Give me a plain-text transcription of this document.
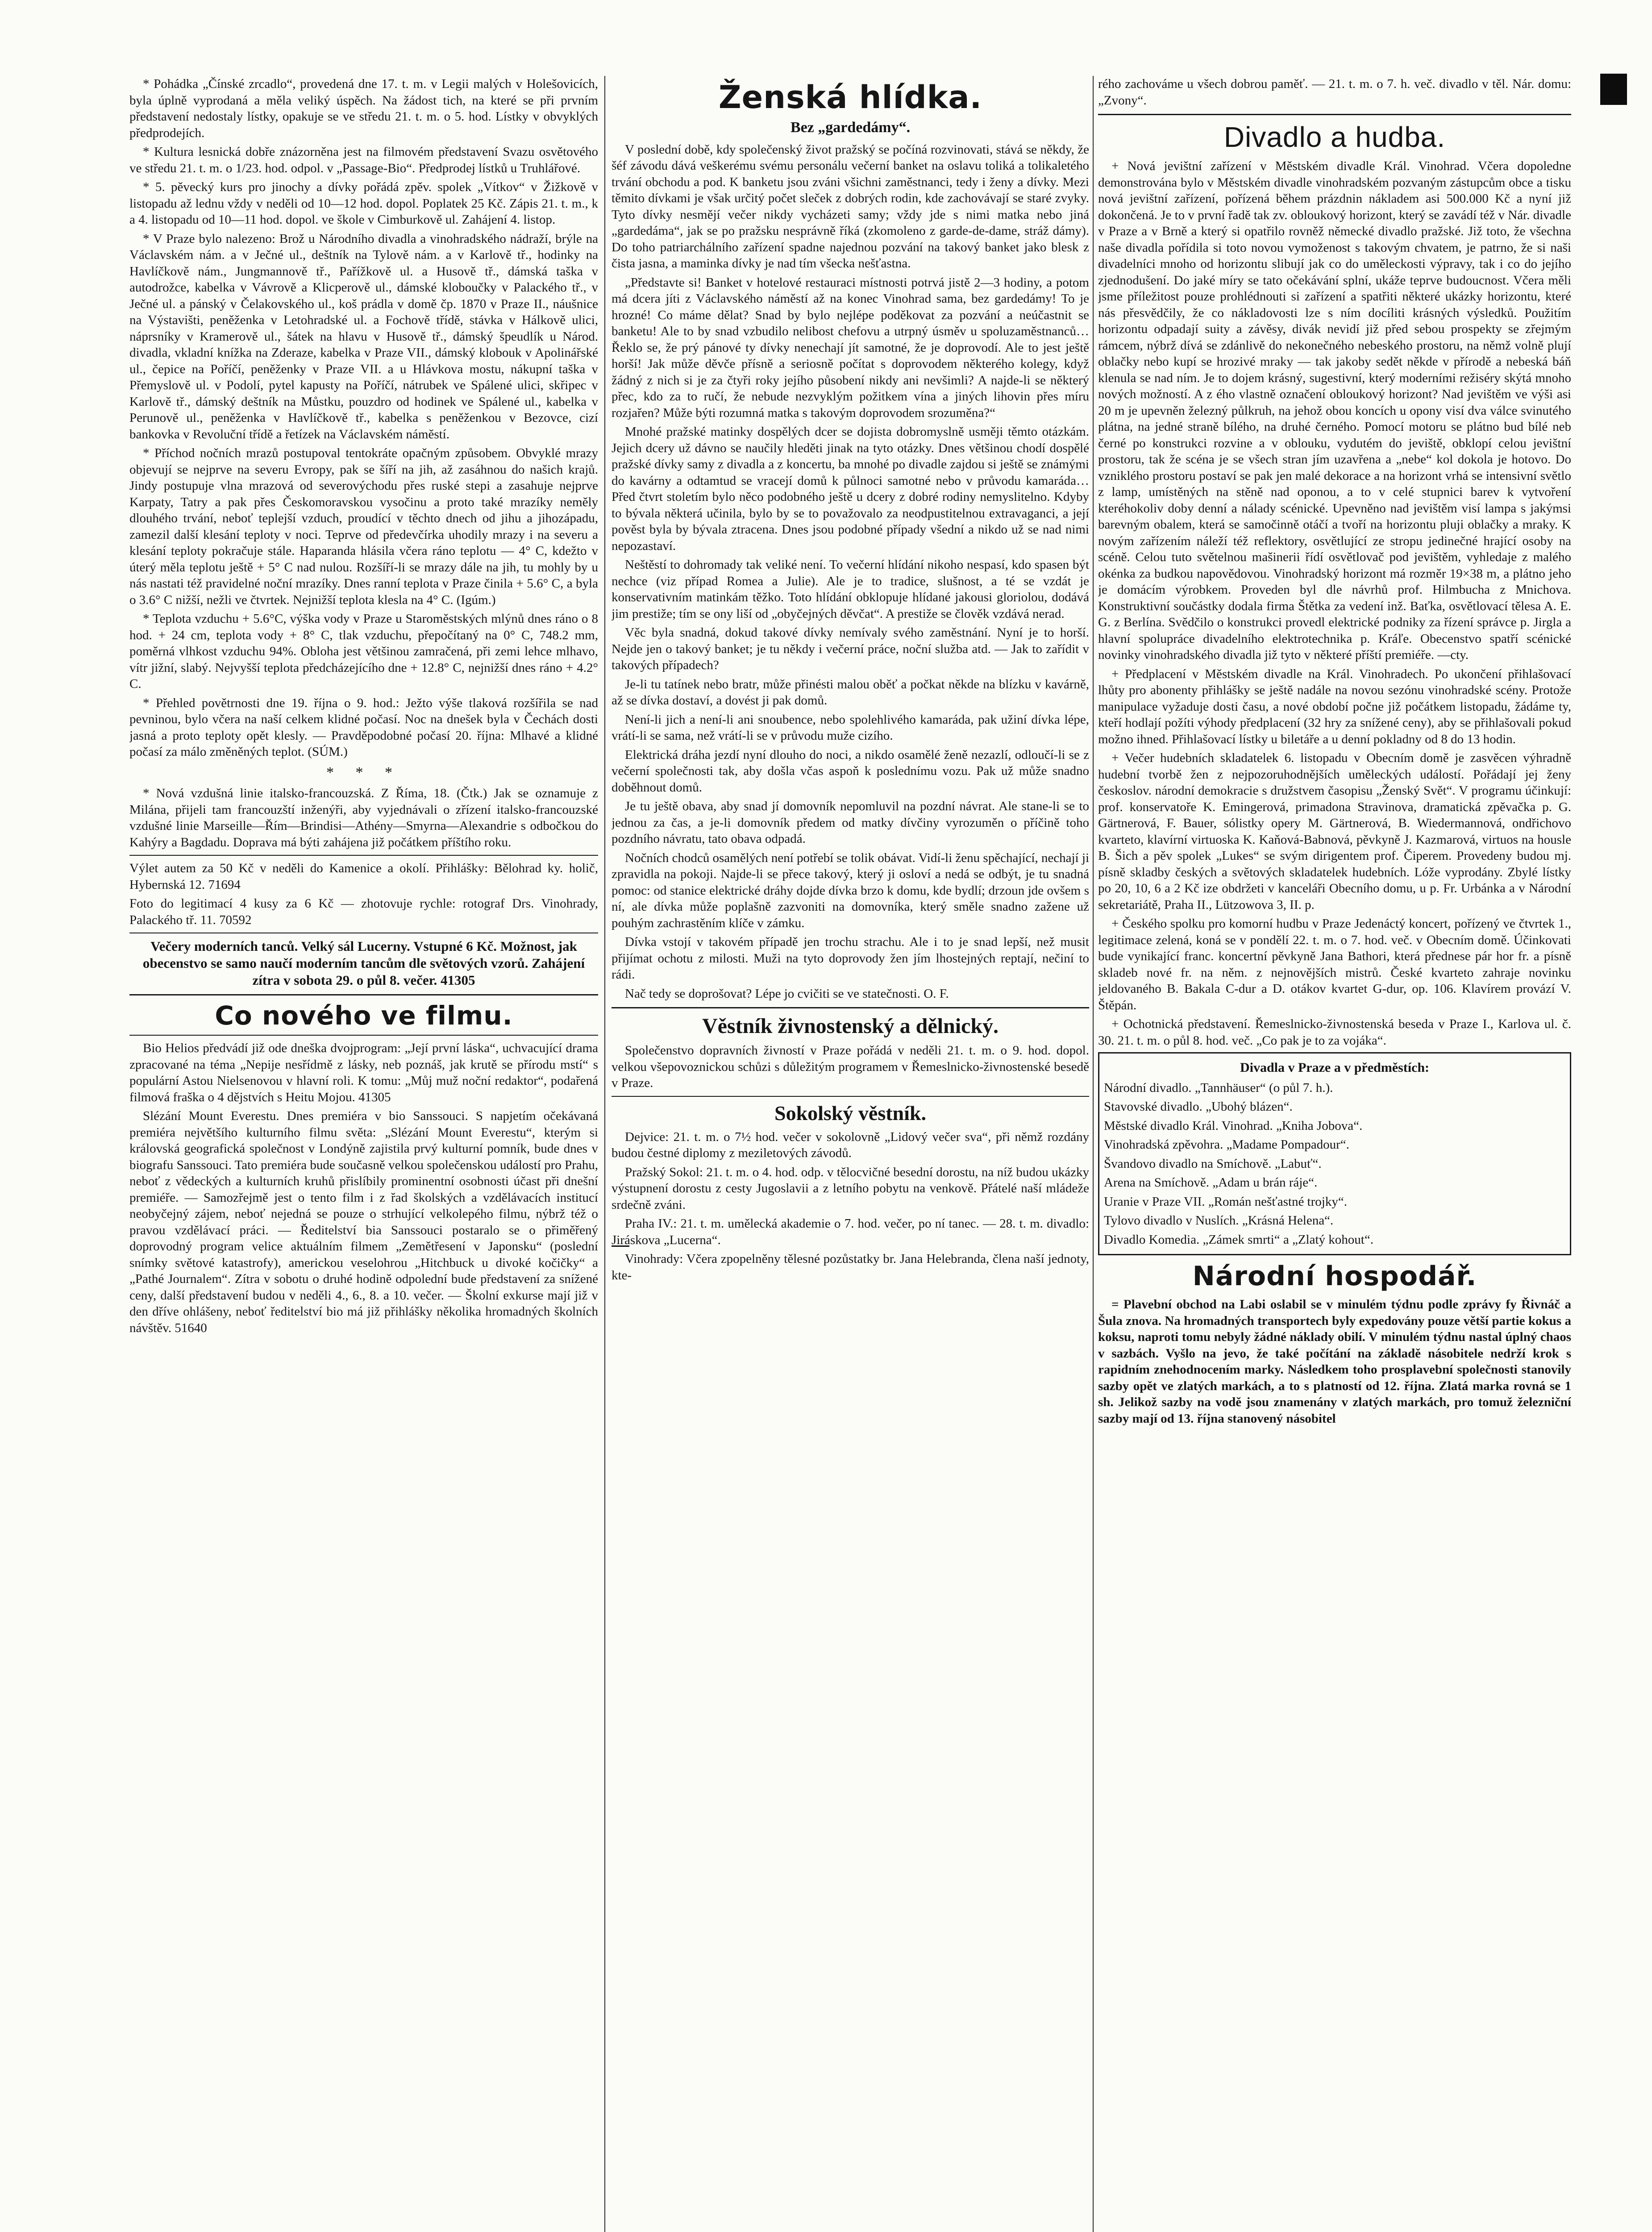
* Pohádka „Čínské zrcadlo“, provedená dne 17. t. m. v Legii malých v Holešovicích, byla úplně vyprodaná a měla veliký úspěch. Na žádost tich, na které se při prvním představení nedostaly lístky, opakuje se ve středu 21. t. m. o 5. hod. Lístky v obvyklých předprodejích.

* Kultura lesnická dobře znázorněna jest na filmovém představení Svazu osvětového ve středu 21. t. m. o 1/23. hod. odpol. v „Passage-Bio“. Předprodej lístků u Truhlářové.

* 5. pěvecký kurs pro jinochy a dívky pořádá zpěv. spolek „Vítkov“ v Žižkově v listopadu až lednu vždy v neděli od 10—12 hod. dopol. Poplatek 25 Kč. Zápis 21. t. m., k a 4. listopadu od 10—11 hod. dopol. ve škole v Cimburkově ul. Zahájení 4. listop.

* V Praze bylo nalezeno: Brož u Národního divadla a vinohradského nádraží, brýle na Václavském nám. a v Ječné ul., deštník na Tylově nám. a v Karlově tř., hodinky na Havlíčkově nám., Jungmannově tř., Pařížkově ul. a Husově tř., dámská taška v autodrožce, kabelka v Vávrově a Klicperově ul., dámské kloboučky v Palackého tř., v Ječné ul. a pánský v Čelakovského ul., koš prádla v domě čp. 1870 v Praze II., náušnice na Výstavišti, peněženka v Letohradské ul. a Fochově třídě, stávka v Hálkově ulici, náprsníky v Kramerově ul., šátek na hlavu v Husově tř., dámský špeudlík u Národ. divadla, vkladní knížka na Zderaze, kabelka v Praze VII., dámský klobouk v Apolinářské ul., čepice na Poříčí, peněženky v Praze VII. a u Hlávkova mostu, nákupní taška v Přemyslově ul. v Podolí, pytel kapusty na Poříčí, nátrubek ve Spálené ulici, skřipec v Karlově tř., dámský deštník na Můstku, pouzdro od hodinek ve Spálené ul., kabelka v Perunově ul., peněženka v Havlíčkově tř., kabelka s peněženkou v Bezovce, cizí bankovka v Revoluční třídě a řetízek na Václavském náměstí.

* Příchod nočních mrazů postupoval tentokráte opačným způsobem. Obvyklé mrazy objevují se nejprve na severu Evropy, pak se šíří na jih, až zasáhnou do našich krajů. Jindy postupuje vlna mrazová od severovýchodu přes ruské stepi a zasahuje nejprve Karpaty, Tatry a pak přes Českomoravskou vysočinu a proto také mrazíky neměly dlouhého trvání, neboť teplejší vzduch, proudící v těchto dnech od jihu a jihozápadu, zamezil další klesání teploty v noci. Teprve od předevčírka uhodily mrazy i na severu a klesání teploty pokračuje stále. Haparanda hlásila včera ráno teplotu — 4° C, kdežto v úterý měla teplotu ještě + 5° C nad nulou. Rozšíří-li se mrazy dále na jih, tu mohly by u nás nastati též pravidelné noční mrazíky. Dnes ranní teplota v Praze činila + 5.6° C, a byla o 3.6° C nižší, nežli ve čtvrtek. Nejnižší teplota klesla na 4° C. (Igúm.)

* Teplota vzduchu + 5.6°C, výška vody v Praze u Staroměstských mlýnů dnes ráno o 8 hod. + 24 cm, teplota vody + 8° C, tlak vzduchu, přepočítaný na 0° C, 748.2 mm, poměrná vlhkost vzduchu 94%. Obloha jest většinou zamračená, při zemi lehce mlhavo, vítr jižní, slabý. Nejvyšší teplota předcházejícího dne + 12.8° C, nejnižší dnes ráno + 4.2° C.

* Přehled povětrnosti dne 19. října o 9. hod.: Ježto výše tlaková rozšířila se nad pevninou, bylo včera na naší celkem klidné počasí. Noc na dnešek byla v Čechách dosti jasná a proto teploty opět klesly. — Pravděpodobné počasí 20. října: Mlhavé a klidné počasí za málo změněných teplot. (SÚM.)

* * *

* Nová vzdušná linie italsko-francouzská. Z Říma, 18. (Čtk.) Jak se oznamuje z Milána, přijeli tam francouzští inženýři, aby vyjednávali o zřízení italsko-francouzské vzdušné linie Marseille—Řím—Brindisi—Athény—Smyrna—Alexandrie s odbočkou do Kahýry a Bagdadu. Doprava má býti zahájena již počátkem příštího roku.

Výlet autem za 50 Kč v neděli do Kamenice a okolí. Přihlášky: Bělohrad ky. holič, Hybernská 12. 71694

Foto do legitimací 4 kusy za 6 Kč — zhotovuje rychle: rotograf Drs. Vinohrady, Palackého tř. 11. 70592

Večery moderních tanců. Velký sál Lucerny. Vstupné 6 Kč. Možnost, jak obecenstvo se samo naučí moderním tancům dle světových vzorů. Zahájení zítra v sobota 29. o půl 8. večer. 41305

Co nového ve filmu.

Bio Helios předvádí již ode dneška dvojprogram: „Její první láska“, uchvacující drama zpracované na téma „Nepije nesřídmě z lásky, neb poznáš, jak krutě se přírodu mstí“ s populární Astou Nielsenovou v hlavní roli. K tomu: „Můj muž noční redaktor“, podařená filmová fraška o 4 dějstvích s Heitu Mojou. 41305

Slézání Mount Everestu. Dnes premiéra v bio Sanssouci. S napjetím očekávaná premiéra největšího kulturního filmu světa: „Slézání Mount Everestu“, kterým si královská geografická společnost v Londýně zajistila prvý kulturní pomník, bude dnes v biografu Sanssouci. Tato premiéra bude současně velkou společenskou událostí pro Prahu, neboť z vědeckých a kulturních kruhů přislíbily prominentní osobnosti účast při dnešní premiéře. — Samozřejmě jest o tento film i z řad školských a vzdělávacích institucí neobyčejný zájem, neboť nejedná se pouze o strhující velkolepého filmu, nýbrž též o pravou vzdělávací práci. — Ředitelství bia Sanssouci postaralo se o přiměřený doprovodný program velice aktuálním filmem „Zemětřesení v Japonsku“ (poslední snímky světové katastrofy), americkou veselohrou „Hitchbuck u divoké kočičky“ a „Pathé Journalem“. Zítra v sobotu o druhé hodině odpolední bude představení za snížené ceny, další představení budou v neděli 4., 6., 8. a 10. večer. — Školní exkurse mají již v den dříve ohlášeny, neboť ředitelství bio má již přihlášky několika hromadných školních návštěv. 51640

Ženská hlídka.
Bez „gardedámy“.

V poslední době, kdy společenský život pražský se počíná rozvinovati, stává se někdy, že šéf závodu dává veškerému svému personálu večerní banket na oslavu toliká a tolikaletého trvání obchodu a pod. K banketu jsou zváni všichni zaměstnanci, tedy i ženy a dívky. Mezi těmito dívkami je však určitý počet sleček z dobrých rodin, kde zachovávají se staré zvyky. Tyto dívky nesmějí večer nikdy vycházeti samy; vždy jde s nimi matka nebo jiná „gardedáma“, jak se po pražsku nesprávně říká (zkomoleno z garde-de-dame, stráž dámy). Do toho patriarchálního zařízení spadne najednou pozvání na takový banket jako blesk z čista jasna, a maminka dívky je nad tím všecka nešťastna.

„Představte si! Banket v hotelové restauraci místnosti potrvá jistě 2—3 hodiny, a potom má dcera jíti z Václavského náměstí až na konec Vinohrad sama, bez gardedámy! To je hrozné! Co máme dělat? Snad by bylo nejlépe poděkovat za pozvání a neúčastnit se banketu! Ale to by snad vzbudilo nelibost chefovu a utrpný úsměv u spoluzaměstnanců… Řeklo se, že prý pánové ty dívky nenechají jít samotné, že je doprovodí. Ale to jest ještě horší! Jak může děvče přísně a seriosně počítat s doprovodem některého kolegy, když žádný z nich si je za čtyři roky jejího působení nikdy ani nevšimli? A najde-li se některý přec, kdo za to ručí, že nebude nezvyklým požitkem vína a jiných lihovin přes míru rozjařen? Může býti rozumná matka s takovým doprovodem srozuměna?“

Mnohé pražské matinky dospělých dcer se dojista dobromyslně usměji těmto otázkám. Jejich dcery už dávno se naučily hleděti jinak na tyto otázky. Dnes většinou chodí dospělé pražské dívky samy z divadla a z koncertu, ba mnohé po divadle zajdou si ještě se známými do kavárny a odtamtud se vracejí domů k půlnoci samotné nebo v průvodu kamaráda… Před čtvrt stoletím bylo něco podobného ještě u dcery z dobré rodiny nemyslitelno. Kdyby to bývala některá učinila, bylo by se to považovalo za neodpustitelnou extravaganci, a její pověst byla by bývala ztracena. Dnes jsou podobné případy všední a nikdo už se nad nimi nepozastaví.

Neštěstí to dohromady tak veliké není. To večerní hlídání nikoho nespasí, kdo spasen být nechce (viz případ Romea a Julie). Ale je to tradice, slušnost, a té se vzdát je konservativním matinkám těžko. Toto hlídání obklopuje hlídané jakousi gloriolou, dodává jim prestiže; tím se ony liší od „obyčejných děvčat“. A prestiže se člověk vzdává nerad.

Věc byla snadná, dokud takové dívky nemívaly svého zaměstnání. Nyní je to horší. Nejde jen o takový banket; je tu někdy i večerní práce, noční služba atd. — Jak to zařídit v takových případech?

Je-li tu tatínek nebo bratr, může přinésti malou oběť a počkat někde na blízku v kavárně, až se dívka dostaví, a dovést ji pak domů.

Není-li jich a není-li ani snoubence, nebo spolehlivého kamaráda, pak užiní dívka lépe, vrátí-li se sama, než vrátí-li se v průvodu muže cizího.

Elektrická dráha jezdí nyní dlouho do noci, a nikdo osamělé ženě nezazlí, odloučí-li se z večerní společnosti tak, aby došla včas aspoň k poslednímu vozu. Pak už může snadno doběhnout domů.

Je tu ještě obava, aby snad jí domovník nepomluvil na pozdní návrat. Ale stane-li se to jednou za čas, a je-li domovník předem od matky dívčiny vyrozuměn o příčině toho pozdního návratu, tato obava odpadá.

Nočních chodců osamělých není potřebí se tolik obávat. Vidí-li ženu spěchající, nechají ji zpravidla na pokoji. Najde-li se přece takový, který ji osloví a nedá se odbýt, je tu snadná pomoc: od stanice elektrické dráhy dojde dívka brzo k domu, kde bydlí; drzoun jde ovšem s ní, ale dívka může poplašně zazvoniti na domovníka, který směle snadno zažene už pouhým zachrastěním klíče v zámku.

Dívka vstojí v takovém případě jen trochu strachu. Ale i to je snad lepší, než musit přijímat ochotu z milosti. Muži na tyto doprovody žen jím lhostejných reptají, nečiní to rádi.

Nač tedy se doprošovat? Lépe jo cvičiti se ve statečnosti. O. F.

Věstník živnostenský a dělnický.

Společenstvo dopravních živností v Praze pořádá v neděli 21. t. m. o 9. hod. dopol. velkou všepovoznickou schůzi s důležitým programem v Řemeslnicko-živnostenské besedě v Praze.

Sokolský věstník.

Dejvice: 21. t. m. o 7½ hod. večer v sokolovně „Lidový večer sva“, při němž rozdány budou čestné diplomy z meziletových závodů.

Pražský Sokol: 21. t. m. o 4. hod. odp. v tělocvičné besední dorostu, na níž budou ukázky výstupnení dorostu z cesty Jugoslavii a z letního pobytu na venkově. Přátelé naší mládeže srdečně zváni.

Praha IV.: 21. t. m. umělecká akademie o 7. hod. večer, po ní tanec. — 28. t. m. divadlo: Jiráskova „Lucerna“.

Vinohrady: Včera zpopelněny tělesné pozůstatky br. Jana Helebranda, člena naší jednoty, kte-

rého zachováme u všech dobrou paměť. — 21. t. m. o 7. h. več. divadlo v těl. Nár. domu: „Zvony“.

Divadlo a hudba.

+ Nová jevištní zařízení v Městském divadle Král. Vinohrad. Včera dopoledne demonstrována bylo v Městském divadle vinohradském pozvaným zástupcům obce a tisku nová jevištní zařízení, pořízená během prázdnin nákladem asi 500.000 Kč a nyní již dokončená. Je to v první řadě tak zv. obloukový horizont, který se zavádí též v Nár. divadle v Praze a v Brně a který si opatřilo rovněž německé divadlo pražské. Již toto, že všechna naše divadla pořídila si toto novou vymoženost s takovým chvatem, je patrno, že si naši divadelníci mnoho od horizontu slibují jak co do uměleckosti výpravy, tak i co do jejího zjednodušení. Do jaké míry se tato očekávání splní, ukáže teprve budoucnost. Včera měli jsme příležitost pouze prohlédnouti si zařízení a spatřiti některé ukázky horizontu, které nás přesvědčily, že co nákladovosti lze s ním docíliti krásných výsledků. Použitím horizontu odpadají suity a závěsy, divák nevidí již před sebou prospekty se zřejmým rámcem, nýbrž dívá se zdánlivě do nekonečného nebeského prostoru, na němž volně plují oblačky nebo kupí se hrozivé mraky — tak jakoby sedět někde v přírodě a nebeská báň klenula se nad ním. Je to dojem krásný, sugestivní, který moderními režiséry skýtá mnoho nových možností. A z ého vlastně označení obloukový horizont? Nad jevištěm ve výši asi 20 m je upevněn železný půlkruh, na jehož obou koncích u opony visí dva válce svinutého plátna, na jedné straně bílého, na druhé černého. Pomocí motoru se plátno bud bílé neb černé po konstrukci rozvine a v oblouku, vydutém do jeviště, obklopí celou jevištní prostoru, tak že scéna je se všech stran jím uzavřena a „nebe“ kol dokola je hotovo. Do vzniklého prostoru postaví se pak jen malé dekorace a na horizont vrhá se intensivní světlo z lamp, umístěných na stěně nad oponou, a to v celé stupnici barev k vytvoření kteréhokoliv doby denní a nálady scénické. Upevněno nad jevištěm visí lampa s jakýmsi barevným obalem, která se samočinně otáčí a tvoří na horizontu pluji oblačky a mraky. K novým zařízením náleží též reflektory, osvětlující ze stropu jedinečné hrající osoby na scéně. Celou tuto světelnou mašinerii řídí osvětlovač pod jevištěm, vyhledaje z malého okénka za budkou napovědovou. Vinohradský horizont má rozměr 19×38 m, a plátno jeho je domácím výrobkem. Proveden byl dle návrhů prof. Hilmbucha z Mnichova. Konstruktivní součástky dodala firma Štětka za vedení inž. Baťka, osvětlovací tělesa A. E. G. z Berlína. Svědčilo o konstrukci provedl elektrické podniky za řízení správce p. Jirgla a hlavní spolupráce divadelního elektrotechnika p. Kráľe. Obecenstvo spatří scénické novinky vinohradského divadla již tyto v některé příští premiéře. —cty.

+ Předplacení v Městském divadle na Král. Vinohradech. Po ukončení přihlašovací lhůty pro abonenty přihlášky se ještě nadále na novou sezónu vinohradské scény. Protože manipulace vyžaduje dosti času, a nové období počne již počátkem listopadu, žádáme ty, kteří hodlají požíti výhody předplacení (32 hry za snížené ceny), aby se přihlašovali pokud možno ihned. Přihlašovací lístky u biletáře a u denní pokladny od 8 do 13 hodin.

+ Večer hudebních skladatelek 6. listopadu v Obecním domě je zasvěcen výhradně hudební tvorbě žen z nejpozoruhodnějších uměleckých událostí. Pořádají jej ženy českoslov. národní demokracie s družstvem časopisu „Ženský Svět“. V programu účinkují: prof. konservatoře K. Emingerová, primadona Stravinova, dramatická zpěvačka p. G. Gärtnerová, F. Bauer, sólistky opery M. Gärtnerová, B. Wiedermannová, ondřichovo kvarteto, klavírní virtuoska K. Kaňová-Babnová, pěvkyně J. Kazmarová, virtuos na housle B. Šich a pěv spolek „Lukes“ se svým dirigentem prof. Čiperem. Provedeny budou mj. písně skladby českých a světových skladatelek hudebních. Lóže vyprodány. Zbylé lístky po 20, 10, 6 a 2 Kč ize obdržeti v kanceláři Obecního domu, u p. Fr. Urbánka a v Národní sekretariátě, Praha II., Lützowova 3, II. p.

+ Českého spolku pro komorní hudbu v Praze Jedenáctý koncert, pořízený ve čtvrtek 1., legitimace zelená, koná se v pondělí 22. t. m. o 7. hod. več. v Obecním domě. Účinkovati bude vynikající franc. koncertní pěvkyně Jana Bathori, která přednese pár hor fr. a písně skladeb nové fr. na něm. z nejnovějších mistrů. České kvarteto zahraje novinku jeldovaného B. Bakala C-dur a D. otákov kvartet G-dur, op. 106. Klavírem provází V. Štěpán.

+ Ochotnická představení. Řemeslnicko-živnostenská beseda v Praze I., Karlova ul. č. 30. 21. t. m. o půl 8. hod. več. „Co pak je to za vojáka“.

Divadla v Praze a v předměstích:

Národní divadlo. „Tannhäuser“ (o půl 7. h.).

Stavovské divadlo. „Ubohý blázen“.

Městské divadlo Král. Vinohrad. „Kniha Jobova“.

Vinohradská zpěvohra. „Madame Pompadour“.

Švandovo divadlo na Smíchově. „Labuť“.

Arena na Smíchově. „Adam u brán ráje“.

Uranie v Praze VII. „Román nešťastné trojky“.

Tylovo divadlo v Nuslích. „Krásná Helena“.

Divadlo Komedia. „Zámek smrti“ a „Zlatý kohout“.

Národní hospodář.

= Plavební obchod na Labi oslabil se v minulém týdnu podle zprávy fy Řivnáč a Šula znova. Na hromadných transportech byly expedovány pouze větší partie kokus a koksu, naproti tomu nebyly žádné náklady obilí. V minulém týdnu nastal úplný chaos v sazbách. Vyšlo na jevo, že také počítání na základě násobitele nedrží krok s rapidním znehodnocením marky. Následkem toho prosplavební společnosti stanovily sazby opět ve zlatých markách, a to s platností od 12. října. Zlatá marka rovná se 1 sh. Jelikož sazby na vodě jsou znamenány v zlatých markách, pro tomuž železniční sazby mají od 13. října stanovený násobitel
